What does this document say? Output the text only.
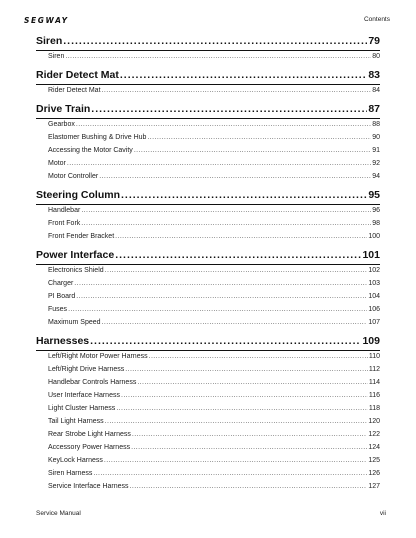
SEGWAY	Contents
Siren .....	79
Siren .....	80
Rider Detect Mat .....	83
Rider Detect Mat .....	84
Drive Train .....	87
Gearbox .....	88
Elastomer Bushing & Drive Hub .....	90
Accessing the Motor Cavity .....	91
Motor .....	92
Motor Controller .....	94
Steering Column .....	95
Handlebar .....	96
Front Fork .....	98
Front Fender Bracket .....	100
Power Interface .....	101
Electronics Shield .....	102
Charger .....	103
PI Board .....	104
Fuses .....	106
Maximum Speed .....	107
Harnesses .....	109
Left/Right Motor Power Harness .....	110
Left/Right Drive Harness .....	112
Handlebar Controls Harness .....	114
User Interface Harness .....	116
Light Cluster Harness .....	118
Tail Light Harness .....	120
Rear Strobe Light Harness .....	122
Accessory Power Harness .....	124
KeyLock Harness .....	125
Siren Harness .....	126
Service Interface Harness .....	127
Service Manual	vii
